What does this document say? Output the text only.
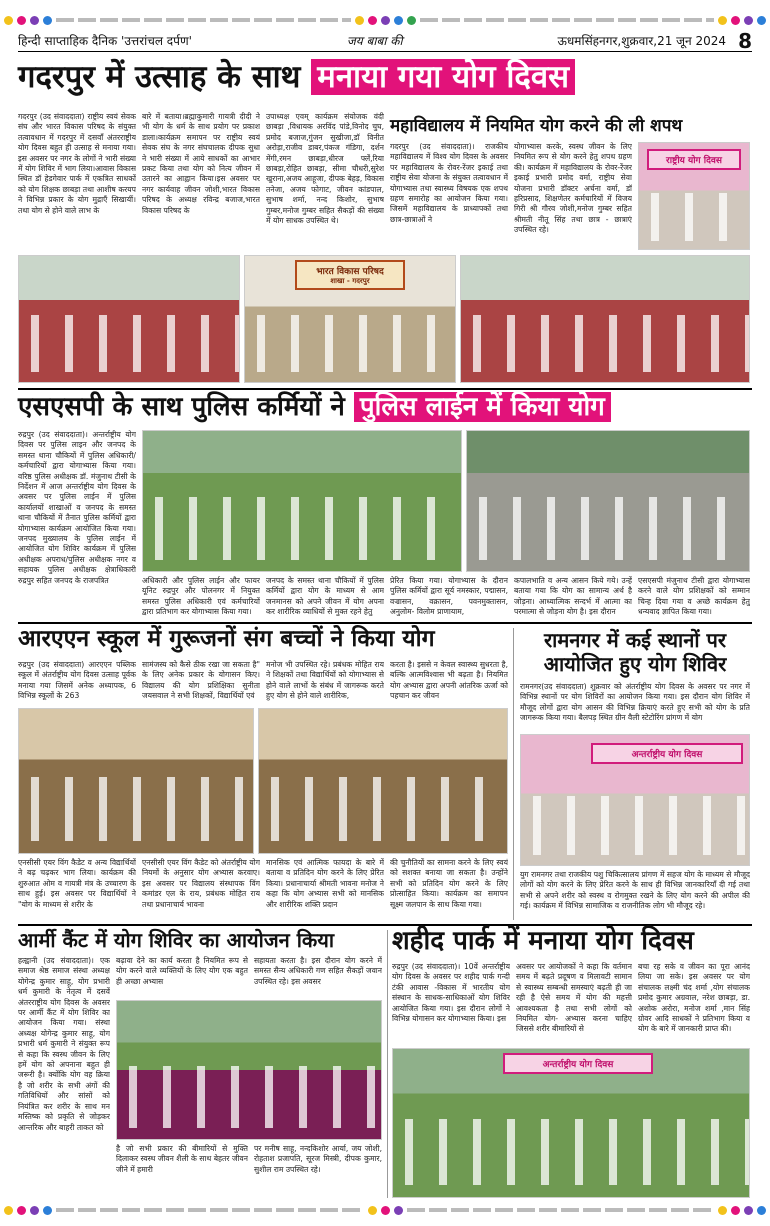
हिन्दी साप्ताहिक दैनिक 'उत्तरांचल दर्पण'	जय बाबा की	ऊधमसिंहनगर,शुक्रवार,21 जून 2024 8
गदरपुर में उत्साह के साथ मनाया गया योग दिवस
गदरपुर (उद संवाददाता) राष्ट्रीय स्वयं सेवक संघ और भारत विकास परिषद के संयुक्त तत्वावधान में गदरपुर में दसवाँ अंतरराष्ट्रीय योग दिवस बहुत ही उत्साह से मनाया गया।इस अवसर पर नगर के लोगों ने भारी संख्या में योग शिविर में भाग लिया।आवास विकास स्थित डॉ हेडगेवार पार्क में एकत्रित साधकों को योग शिक्षक छाबड़ा तथा आशीष करयप ने विभिन्न प्रकार के योग मुद्राएँ सिखायीं।तथा योग से होने वाले लाभ के
बारे में बताया।ब्रह्माकुमारी गायत्री दीदी ने भी योग के धर्म के साथ प्रयोग पर प्रकाश डाला।कार्यक्रम समापन पर राष्ट्रीय स्वयं सेवक संघ के नगर संघचालक दीपक सुधा ने भारी संख्या में आये साधकों का आभार प्रकट किया तथा योग को नित्य जीवन में उतारने का आह्वान किया।इस अवसर पर नगर कार्यवाह जीवन जोशी,भारत विकास परिषद के अध्यक्ष रविन्द्र बजाज,भारत विकास परिषद के
उपाध्यक्ष एवम् कार्यक्रम संयोजक वंदी छाबड़ा ,विधायक अरविंद पांडे,विनोद चुघ, प्रमोद बजाज,गुंजन सुखीजा,डॉ विनीत अरोड़ा,राजीव डाबर,पंकज गंडिगा, दर्शन मेंगी,रमन छाबड़ा,धीरज फ्लेंं,रिया छाबड़ा,रोहित छाबड़ा, सीमा चौधरी,सुरेश खुराना,अजय आहूजा, दीपक बेहड़, विकास तनेजा, अजय फोगाट, जीवन कांडपाल, सुभाष शर्मा, नन्द किशोर, सुभाष गुम्बर,मनोज गुम्बर सहित सैकड़ों की संख्या में योग साधक उपस्थित थे।
महाविद्यालय में नियमित योग करने की ली शपथ
गदरपुर (उद संवाददाता)। राजकीय महाविद्यालय में विश्व योग दिवस के अवसर पर महाविद्यालय के रोवर-रेंजर इकाई तथा राष्ट्रीय सेवा योजना के संयुक्त तत्वावधान में योगाभ्यास तथा स्वास्थ्य विषयक एक शपथ ग्रहण समारोह का आयोजन किया गया। जिसमें महाविद्यालय के प्राध्यापकों तथा छात्र-छात्राओं ने
योगाभ्यास करके, स्वस्थ जीवन के लिए नियमित रूप से योग करने हेतु शपथ ग्रहण की। कार्यक्रम में महाविद्यालय के रोवर-रेंजर इकाई प्रभारी प्रमोद वर्मा, राष्ट्रीय सेवा योजना प्रभारी डॉक्टर अर्चना वर्मा, डॉ हरिप्रसाद, शिक्षणेतर कर्मचारियों में विजय गिरी श्री गौरव जोशी,मनोज गुम्बर सहित श्रीमती नीतू सिंह तथा छात्र - छात्राएं उपस्थित रहे।
राष्ट्रीय योग दिवस
भारत विकास परिषद
शाखा - गदरपुर
एसएसपी के साथ पुलिस कर्मियों ने पुलिस लाईन में किया योग
रुद्रपुर (उद संवाददाता)। अन्तर्राष्ट्रीय योग दिवस पर पुलिस लाइन और जनपद के समस्त थाना चौकियों में पुलिस अधिकारी/कर्मचारियों द्वारा योगाभ्यास किया गया।वरिष्ठ पुलिस अधीक्षक डॉ. मंजुनाथ टीसी के निर्देशन में आज अन्तर्राष्ट्रीय योग दिवस के अवसर पर पुलिस लाईन में पुलिस कार्यालयों शाखाओं व जनपद के समस्त थाना चौकियों में तैनात पुलिस कर्मियों द्वारा योगाभ्यास कार्यक्रम आयोजित किया गया। जनपद मुख्यालय के पुलिस लाईन में आयोजित योग शिविर कार्यक्रम में पुलिस अधीक्षक अपराध/पुलिस अधीक्षक नगर व सहायक पुलिस अधीक्षक क्षेत्राधिकारी रुद्रपुर सहित जनपद के राजपत्रित	अधिकारी और पुलिस लाईन और फायर यूनिट रुद्रपुर और पोलनगर में नियुक्त समस्त पुलिस अधिकारी एवं कर्मचारियों द्वारा प्रतिभाग कर योगाभ्यास किया गया।
जनपद के समस्त थाना चौकियों में पुलिस कर्मियों द्वारा योग के माध्यम से आम जनमानस को अपने जीवन में योग अपना कर शारीरिक व्याधियों से मुक्त रहने हेतु
प्रेरित किया गया। योगाभ्यास के दौरान पुलिस कर्मियों द्वारा सूर्य नमस्कार, पद्मासन, वज्रासन, वक्रासन, पवनमुक्तासन, अनुलोम- विलोम प्राणायाम,
कपालभाति व अन्य आसन किये गये। उन्हें बताया गया कि योग का सामान्य अर्थ है जोड़ना। आध्यात्मिक सन्दर्भ में आत्मा का परमात्मा से जोड़ना योग है। इस दौरान
एसएसपी मंजुनाथ टीसी द्वारा योगाभ्यास करने वाले योग प्रशिक्षकों को सम्मान चिन्ह दिया गया व अच्छे कार्यक्रम हेतु धन्यवाद ज्ञापित किया गया।
आरएएन स्कूल में गुरूजनों संग बच्चों ने किया योग
रुद्रपुर (उद संवाददाता) आरएएन पब्लिक स्कूल में अंतर्राष्ट्रीय योग दिवस उत्साह पूर्वक मनाया गया जिसमें अनेक अध्यापक, 6 विभिन्न स्कूलों के 263
सामंजस्य को कैसे ठीक रखा जा सकता है" के लिए अनेक प्रकार के योगासन किए। विद्यालय की योग प्रशिक्षिका सुनीता जयसवाल ने सभी शिक्षकों, विद्यार्थियों एवं
मनोज भी उपस्थित रहे। प्रबंधक मोहित राय ने शिक्षकों तथा विद्यार्थियों को योगाभ्यास से होने वाले लाभों के संबंध में जागरूक करते हुए योग से होने वाले शारीरिक,
करता है। इससे न केवल स्वास्थ्य सुधरता है, बल्कि आत्मविश्वास भी बढ़ता है। नियमित योग अभ्यास द्वारा अपनी आंतरिक ऊर्जा को पहचान कर जीवन
एनसीसी एयर विंग कैडेट व अन्य विद्यार्थियों ने बढ़ चढ़कर भाग लिया। कार्यक्रम की शुरुआत ओम व गायत्री मंत्र के उच्चारण के साथ हुई। इस अवसर पर विद्यार्थियों ने "योग के माध्यम से शरीर के
एनसीसी एयर विंग कैडेट को अंतर्राष्ट्रीय योग नियमों के अनुसार योग अभ्यास करवाए। इस अवसर पर विद्यालय संस्थापक विंग कमांडर एल के राय, प्रबंधक मोहित राय तथा प्रधानाचार्य भावना
मानसिक एवं आत्मिक फायदा के बारे में बताया व प्रतिदिन योग करने के लिए प्रेरित किया। प्रधानाचार्या श्रीमती भावना मनोज ने कहा कि योग अभ्यास सभी को मानसिक और शारीरिक शक्ति प्रदान
की चुनौतियों का सामना करने के लिए स्वयं को सशक्त बनाया जा सकता है। उन्होंने सभी को प्रतिदिन योग करने के लिए प्रोत्साहित किया। कार्यक्रम का समापन सूक्ष्म जलपान के साथ किया गया।
रामनगर में कई स्थानों पर आयोजित हुए योग शिविर
रामनगर(उद संवाददाता) शुक्रवार को अंतर्राष्ट्रीय योग दिवस के अवसर पर नगर में विभिन्न स्थानों पर योग शिविरों का आयोजन किया गया। इस दौरान योग शिविर में मौजूद लोगों द्वारा योग आसन की विभिन्न क्रियाएं करते हुए सभी को योग के प्रति जागरूक किया गया। बैलपड़ स्थित ग्रीन वैली स्टेटोरिंग प्रांगण में योग
अन्तर्राष्ट्रीय योग दिवस
युग रामनगर तथा राजकीय पशु चिकित्सालय प्रांगण में सहज योग के माध्यम से मौजूद लोगों को योग करने के लिए प्रेरित करने के साथ ही विभिन्न जानकारियाँ दी गई तथा सभी से अपने शरीर को स्वस्थ व रोगमुक्त रखने के लिए योग करने की अपील की गई। कार्यक्रम में विभिन्न सामाजिक व राजनीतिक लोग भी मौजूद रहे।
आर्मी कैंट में योग शिविर का आयोजन किया
हल्द्वानी (उद संवाददाता)। एक समाज श्रेष्ठ समाज संस्था अध्यक्ष योगेन्द्र कुमार साहू, योग प्रभारी धर्म कुमारी के नेतृत्व में दसवें अंतरराष्ट्रीय योग दिवस के अवसर पर आर्मी कैंट में योग शिविर का आयोजन किया गया। संस्था अध्यक्ष योगेन्द्र कुमार साहू, योग प्रभारी धर्म कुमारी ने संयुक्त रूप से कहा कि स्वस्थ जीवन के लिए हमें योग को अपनाना बहुत ही जरूरी है। क्योंकि योग वह क्रिया है जो शरीर के सभी अंगों की गतिविधियों और सांसों को नियंत्रित कर शरीर के साथ मन मस्तिष्क को प्रकृति से जोड़कर आन्तरिक और बाहरी ताकत को
बढ़ावा देने का कार्य करता है नियमित रूप से योग करने वाले व्यक्तियों के लिए योग एक बहुत ही अच्छा अभ्यास
सहायता करता है। इस दौरान योग करने में समस्त सैन्य अधिकारी गण सहित सैकड़ों जवान उपस्थित रहे। इस अवसर
है जो सभी प्रकार की बीमारियों से मुक्ति दिलाकर स्वस्थ जीवन शैली के साथ बेहतर जीवन जीने में हमारी
पर मनीष साहू, नन्दकिशोर आर्या, जय जोशी, रोहताश प्रजापति, सूरज मिस्त्री, दीपक कुमार, सुशील राम उपस्थित रहे।
शहीद पार्क में मनाया योग दिवस
रुद्रपुर (उद संवाददाता)। 10वें अन्तर्राष्ट्रीय योग दिवस के अवसर पर शहीद पार्क गन्दी टंकी आवास -विकास में भारतीय योग संस्थान के साधक-साधिकाओं योग शिविर आयोजित किया गया। इस दौरान लोगों ने विभिन्न योगासन कर योगाभ्यास किया। इस
अवसर पर आयोजकों ने कहा कि वर्तमान समय में बढ़ते प्रदूषण व मिलावटी सामान से स्वास्थ्य सम्बन्धी समस्याएं बढ़ती ही जा रही है ऐसे समय में योग की महत्ती आवश्यकता है तथा सभी लोगों को नियमित योग- अभ्यास करना चाहिए जिससे शरीर बीमारियों से
बचा रह सके व जीवन का पूरा आनंद लिया जा सके। इस अवसर पर योग संचालक लक्ष्मी चंद शर्मा ,योग संचालक प्रमोद कुमार अग्रवाल, नरेश छाबड़ा, डा. अशोक अरोरा, मनोज शर्मा ,मान सिंह ग्रोवर आदि साधकों ने प्रतिभाग किया व योग के बारे में जानकारी प्राप्त की।
अन्तर्राष्ट्रीय योग दिवस
